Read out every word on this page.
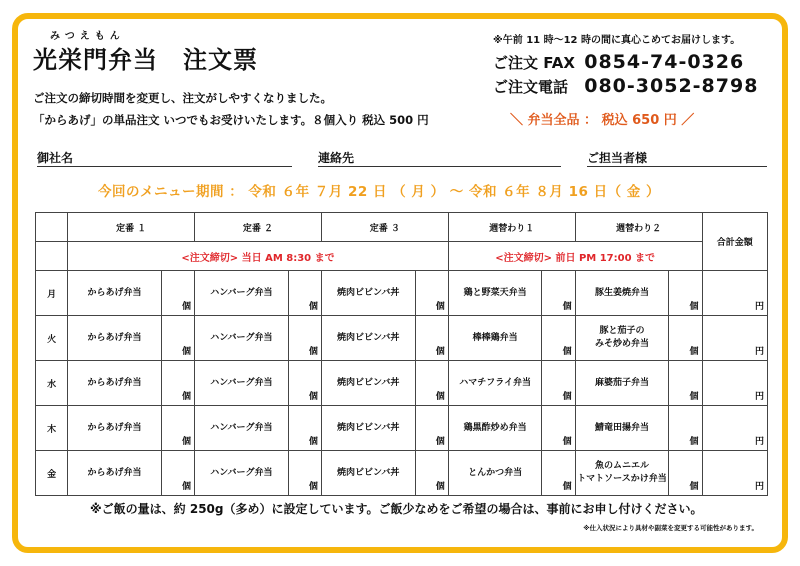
みつえもん
光栄門弁当　注文票
ご注文の締切時間を変更し、注文がしやすくなりました。
「からあげ」の単品注文 いつでもお受けいたします。８個入り 税込 500 円
※午前 11 時～12 時の間に真心こめてお届けします。
ご注文 FAX 0854-74-0326
ご注文電話 080-3052-8798
＼ 弁当全品 ： 税込 650 円 ／
御社名	連絡先	ご担当者様
今回のメニュー期間 ： 令和 ６年 ７月 22 日 （ 月 ） ～ 令和 ６年 ８月 16 日（ 金 ）
	定番 １		定番 ２		定番 ３		週替わり１		週替わり２		合計金額
	<注文締切> 当日 AM 8:30 まで						<注文締切> 前日 PM 17:00 まで				
月	からあげ弁当	個	ハンバーグ弁当	個	焼肉ビビンバ丼	個	鶏と野菜天弁当	個	豚生姜焼弁当	個	円
火	からあげ弁当	個	ハンバーグ弁当	個	焼肉ビビンバ丼	個	棒棒鶏弁当	個	豚と茄子の
みそ炒め弁当	個	円
水	からあげ弁当	個	ハンバーグ弁当	個	焼肉ビビンバ丼	個	ハマチフライ弁当	個	麻婆茄子弁当	個	円
木	からあげ弁当	個	ハンバーグ弁当	個	焼肉ビビンバ丼	個	鶏黒酢炒め弁当	個	鯖竜田揚弁当	個	円
金	からあげ弁当	個	ハンバーグ弁当	個	焼肉ビビンバ丼	個	とんかつ弁当	個	魚のムニエル
トマトソースかけ弁当	個	円
※ご飯の量は、約 250g（多め）に設定しています。ご飯少なめをご希望の場合は、事前にお申し付けください。
※仕入状況により具材や副菜を変更する可能性があります。
